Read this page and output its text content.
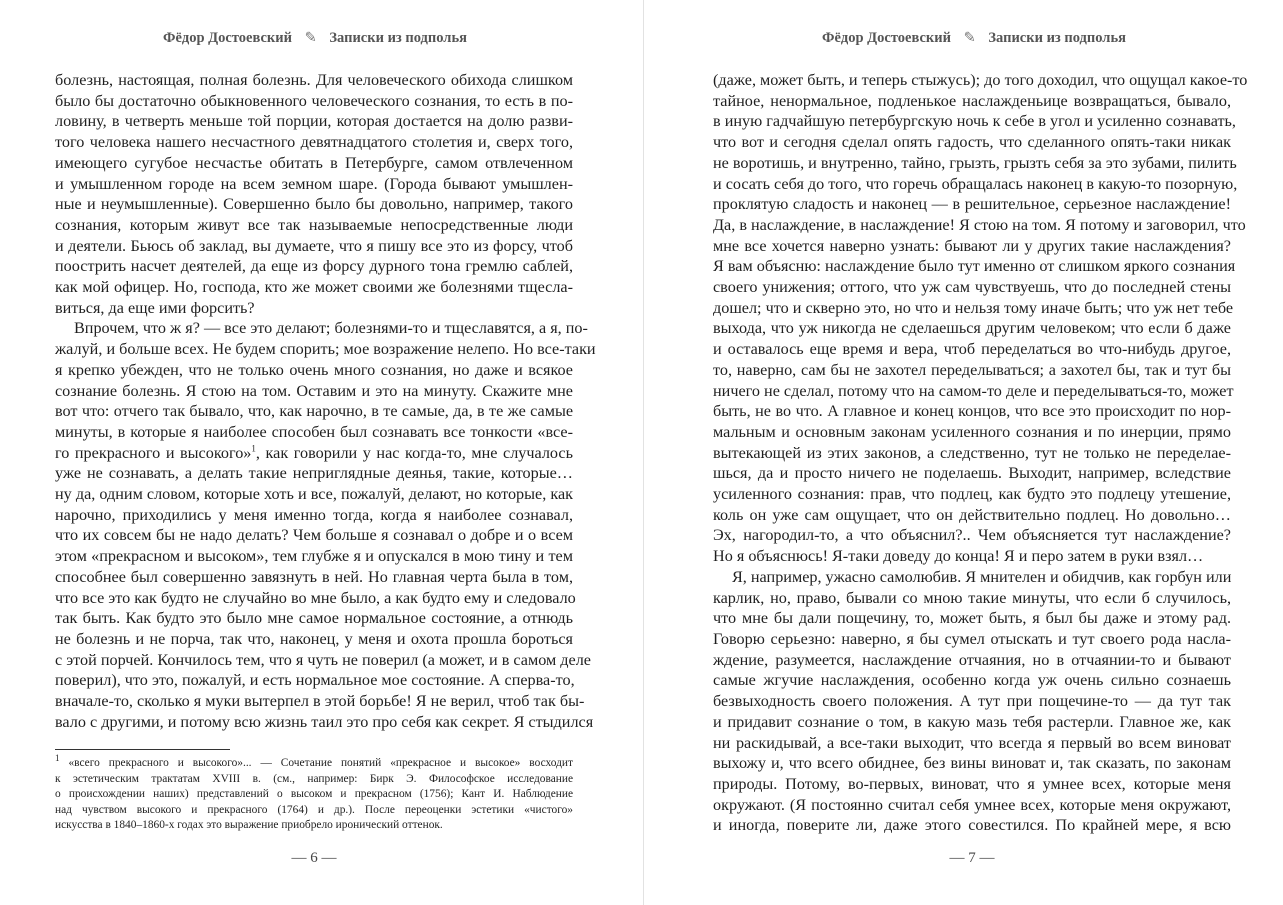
Фёдор Достоевский ✎ Записки из подполья
болезнь, настоящая, полная болезнь. Для человеческого обихода слишком
было бы достаточно обыкновенного человеческого сознания, то есть в по-
ловину, в четверть меньше той порции, которая достается на долю разви-
того человека нашего несчастного девятнадцатого столетия и, сверх того,
имеющего сугубое несчастье обитать в Петербурге, самом отвлеченном
и умышленном городе на всем земном шаре. (Города бывают умышлен-
ные и неумышленные). Совершенно было бы довольно, например, такого
сознания, которым живут все так называемые непосредственные люди
и деятели. Бьюсь об заклад, вы думаете, что я пишу все это из форсу, чтоб
поострить насчет деятелей, да еще из форсу дурного тона гремлю саблей,
как мой офицер. Но, господа, кто же может своими же болезнями тщесла-
виться, да еще ими форсить?
Впрочем, что ж я? — все это делают; болезнями-то и тщеславятся, а я, по-
жалуй, и больше всех. Не будем спорить; мое возражение нелепо. Но все-таки
я крепко убежден, что не только очень много сознания, но даже и всякое
сознание болезнь. Я стою на том. Оставим и это на минуту. Скажите мне
вот что: отчего так бывало, что, как нарочно, в те самые, да, в те же самые
минуты, в которые я наиболее способен был сознавать все тонкости «все-
го прекрасного и высокого»$^1$, как говорили у нас когда-то, мне случалось
уже не сознавать, а делать такие неприглядные деянья, такие, которые…
ну да, одним словом, которые хоть и все, пожалуй, делают, но которые, как
нарочно, приходились у меня именно тогда, когда я наиболее сознавал,
что их совсем бы не надо делать? Чем больше я сознавал о добре и о всем
этом «прекрасном и высоком», тем глубже я и опускался в мою тину и тем
способнее был совершенно завязнуть в ней. Но главная черта была в том,
что все это как будто не случайно во мне было, а как будто ему и следовало
так быть. Как будто это было мне самое нормальное состояние, а отнюдь
не болезнь и не порча, так что, наконец, у меня и охота прошла бороться
с этой порчей. Кончилось тем, что я чуть не поверил (а может, и в самом деле
поверил), что это, пожалуй, и есть нормальное мое состояние. А сперва-то,
вначале-то, сколько я муки вытерпел в этой борьбе! Я не верил, чтоб так бы-
вало с другими, и потому всю жизнь таил это про себя как секрет. Я стыдился
$^1$ «всего прекрасного и высокого»... — Сочетание понятий «прекрасное и высокое» восходит
к эстетическим трактатам XVIII в. (см., например: Бирк Э. Философское исследование
о происхождении наших) представлений о высоком и прекрасном (1756); Кант И. Наблюдение
над чувством высокого и прекрасного (1764) и др.). После переоценки эстетики «чистого»
искусства в 1840–1860-х годах это выражение приобрело иронический оттенок.
— 6 —
Фёдор Достоевский ✎ Записки из подполья
(даже, может быть, и теперь стыжусь); до того доходил, что ощущал какое-то
тайное, ненормальное, подленькое наслажденьице возвращаться, бывало,
в иную гадчайшую петербургскую ночь к себе в угол и усиленно сознавать,
что вот и сегодня сделал опять гадость, что сделанного опять-таки никак
не воротишь, и внутренно, тайно, грызть, грызть себя за это зубами, пилить
и сосать себя до того, что горечь обращалась наконец в какую-то позорную,
проклятую сладость и наконец — в решительное, серьезное наслаждение!
Да, в наслаждение, в наслаждение! Я стою на том. Я потому и заговорил, что
мне все хочется наверно узнать: бывают ли у других такие наслаждения?
Я вам объясню: наслаждение было тут именно от слишком яркого сознания
своего унижения; оттого, что уж сам чувствуешь, что до последней стены
дошел; что и скверно это, но что и нельзя тому иначе быть; что уж нет тебе
выхода, что уж никогда не сделаешься другим человеком; что если б даже
и оставалось еще время и вера, чтоб переделаться во что-нибудь другое,
то, наверно, сам бы не захотел переделываться; а захотел бы, так и тут бы
ничего не сделал, потому что на самом-то деле и переделываться-то, может
быть, не во что. А главное и конец концов, что все это происходит по нор-
мальным и основным законам усиленного сознания и по инерции, прямо
вытекающей из этих законов, а следственно, тут не только не переделае-
шься, да и просто ничего не поделаешь. Выходит, например, вследствие
усиленного сознания: прав, что подлец, как будто это подлецу утешение,
коль он уже сам ощущает, что он действительно подлец. Но довольно…
Эх, нагородил-то, а что объяснил?.. Чем объясняется тут наслаждение?
Но я объяснюсь! Я-таки доведу до конца! Я и перо затем в руки взял…
Я, например, ужасно самолюбив. Я мнителен и обидчив, как горбун или
карлик, но, право, бывали со мною такие минуты, что если б случилось,
что мне бы дали пощечину, то, может быть, я был бы даже и этому рад.
Говорю серьезно: наверно, я бы сумел отыскать и тут своего рода насла-
ждение, разумеется, наслаждение отчаяния, но в отчаянии-то и бывают
самые жгучие наслаждения, особенно когда уж очень сильно сознаешь
безвыходность своего положения. А тут при пощечине-то — да тут так
и придавит сознание о том, в какую мазь тебя растерли. Главное же, как
ни раскидывай, а все-таки выходит, что всегда я первый во всем виноват
выхожу и, что всего обиднее, без вины виноват и, так сказать, по законам
природы. Потому, во-первых, виноват, что я умнее всех, которые меня
окружают. (Я постоянно считал себя умнее всех, которые меня окружают,
и иногда, поверите ли, даже этого совестился. По крайней мере, я всю
— 7 —
